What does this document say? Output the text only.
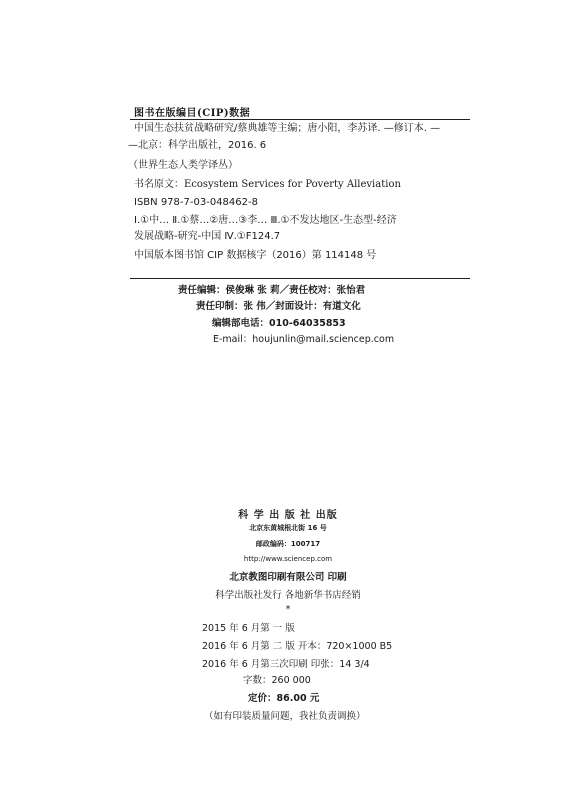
图书在版编目(CIP)数据
中国生态扶贫战略研究/蔡典雄等主编；唐小阳，李苏译. —修订本. —
—北京：科学出版社，2016. 6
（世界生态人类学译丛）
书名原文：Ecosystem Services for Poverty Alleviation
ISBN 978-7-03-048462-8
Ⅰ.①中… Ⅱ.①蔡…②唐…③李… Ⅲ.①不发达地区-生态型-经济
发展战略-研究-中国 Ⅳ.①F124.7
中国版本图书馆 CIP 数据核字（2016）第 114148 号
责任编辑：侯俊琳 张 莉／责任校对：张怡君
责任印制：张 伟／封面设计：有道文化
编辑部电话：010-64035853
E-mail：houjunlin@mail.sciencep.com
科 学 出 版 社 出版
北京东黄城根北街 16 号
邮政编码：100717
http://www.sciencep.com
北京教图印刷有限公司 印刷
科学出版社发行 各地新华书店经销
*
2015 年 6 月第 一 版
2016 年 6 月第 二 版 开本：720×1000 B5
2016 年 6 月第三次印刷 印张：14 3/4
字数：260 000
定价：86.00 元
（如有印装质量问题，我社负责调换）
